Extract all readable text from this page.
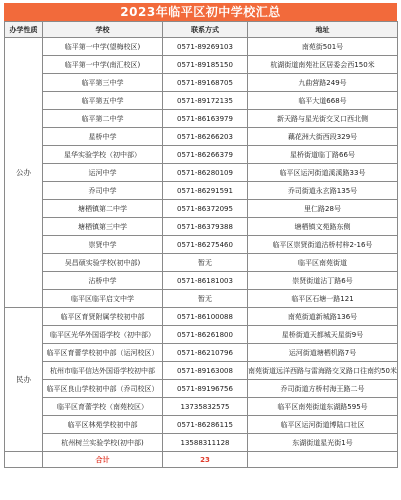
2023年临平区初中学校汇总
办学性质	学校	联系方式	地址
公办	临平第一中学(望梅校区)	0571-89269103	南苑街501号
	临平第一中学(南汇校区)	0571-89185150	杭湖街道南苑社区居委会西150米
	临平第三中学	0571-89168705	九曲营路249号
	临平第五中学	0571-89172135	临平大道668号
	临平第二中学	0571-86163979	新天路与星光街交叉口西北侧
	星桥中学	0571-86266203	藕花洲大街西段329号
	星华实验学校（初中部）	0571-86266379	星桥街道临丁路66号
	运河中学	0571-86280109	临平区运河街道溪溪路33号
	乔司中学	0571-86291591	乔司街道永玄路135号
	塘栖镇第二中学	0571-86372095	里仁路28号
	塘栖镇第三中学	0571-86379388	塘栖镇文苑路东侧
	崇贤中学	0571-86275460	临平区崇贤街道沽桥村梓2-16号
	吴昌硕实验学校(初中部)	暂无	临平区南苑街道
	沾桥中学	0571-86181003	崇贤街道沾丁路6号
	临平区临平启文中学	暂无	临平区石塘一路121
民办	临平区育贤附属学校初中部	0571-86100088	南苑街道新城路136号
	临平区光华外国语学校（初中部）	0571-86261800	星桥街道天都城天星街9号
	临平区育蕾学校初中部（运河校区）	0571-86210796	运河街道塘栖机路7号
	杭州市临平信达外国语学校初中部	0571-89163008	南苑街道远洋西路与雷海路交叉路口往南约50米
	临平区良山学校初中部（乔司校区）	0571-89196756	乔司街道方桥村海王路二号
	临平区育蕾学校（南苑校区）	13735832575	临平区南苑街道东湖路595号
	临平区林苑学校初中部	0571-86286115	临平区运河街道博陆口社区
	杭州树兰实验学校(初中部)	13588311128	东湖街道星光街1号
	合计	23	
